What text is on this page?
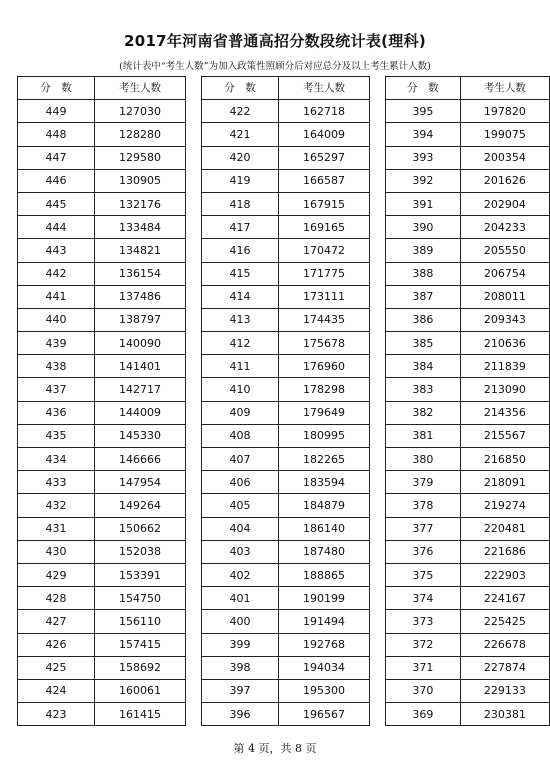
2017年河南省普通高招分数段统计表(理科)
(统计表中“考生人数”为加入政策性照顾分后对应总分及以上考生累计人数)
分　数	考生人数
449	127030
448	128280
447	129580
446	130905
445	132176
444	133484
443	134821
442	136154
441	137486
440	138797
439	140090
438	141401
437	142717
436	144009
435	145330
434	146666
433	147954
432	149264
431	150662
430	152038
429	153391
428	154750
427	156110
426	157415
425	158692
424	160061
423	161415
分　数	考生人数
422	162718
421	164009
420	165297
419	166587
418	167915
417	169165
416	170472
415	171775
414	173111
413	174435
412	175678
411	176960
410	178298
409	179649
408	180995
407	182265
406	183594
405	184879
404	186140
403	187480
402	188865
401	190199
400	191494
399	192768
398	194034
397	195300
396	196567
分　数	考生人数
395	197820
394	199075
393	200354
392	201626
391	202904
390	204233
389	205550
388	206754
387	208011
386	209343
385	210636
384	211839
383	213090
382	214356
381	215567
380	216850
379	218091
378	219274
377	220481
376	221686
375	222903
374	224167
373	225425
372	226678
371	227874
370	229133
369	230381
第 4 页，共 8 页
